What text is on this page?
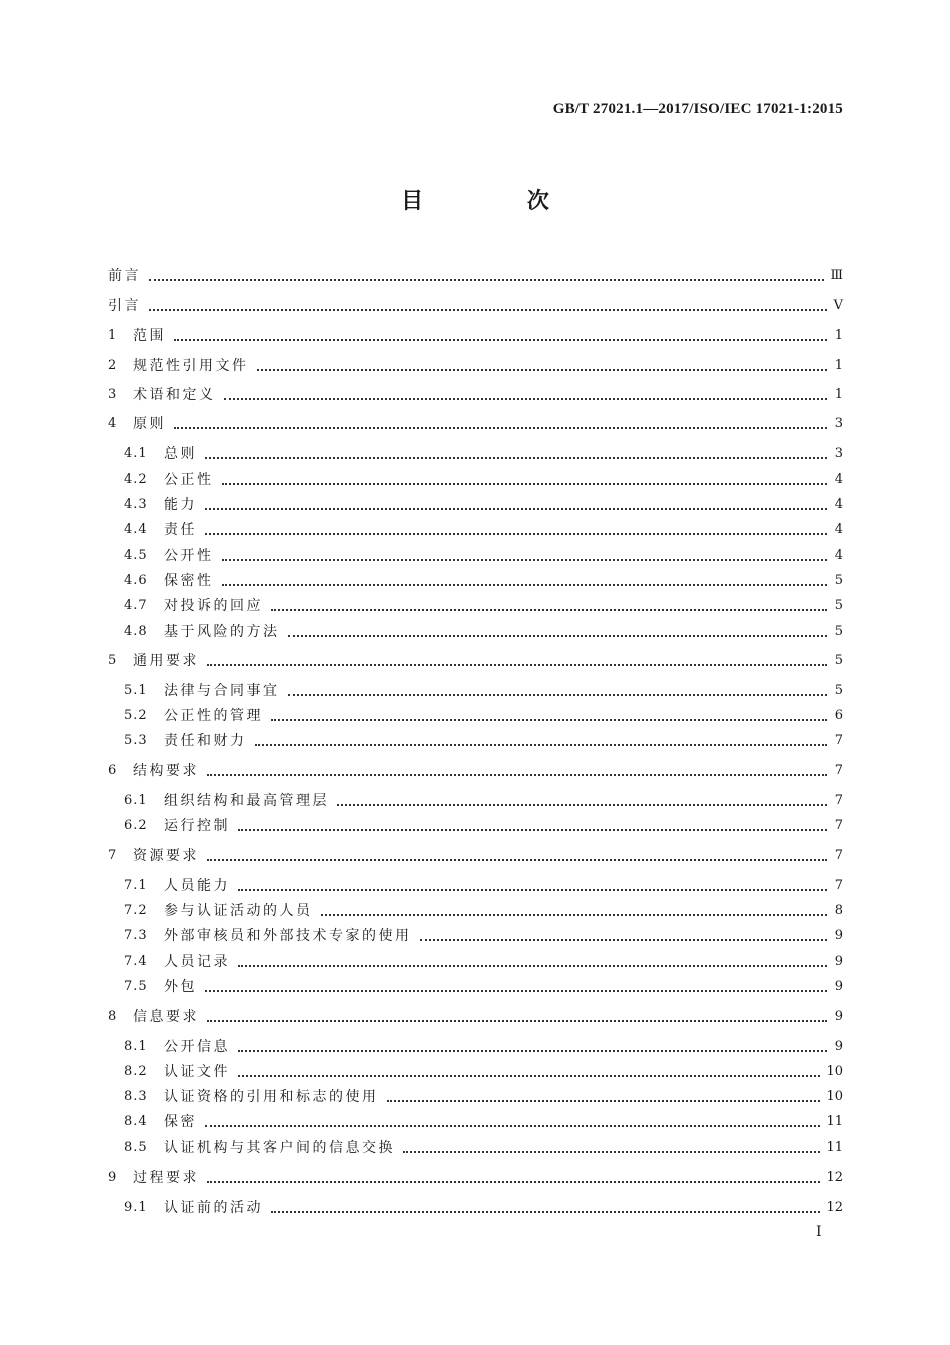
GB/T 27021.1—2017/ISO/IEC 17021-1:2015
目 次
前言	Ⅲ
引言	Ⅴ
1	范围	1
2	规范性引用文件	1
3	术语和定义	1
4	原则	3
4.1	总则	3
4.2	公正性	4
4.3	能力	4
4.4	责任	4
4.5	公开性	4
4.6	保密性	5
4.7	对投诉的回应	5
4.8	基于风险的方法	5
5	通用要求	5
5.1	法律与合同事宜	5
5.2	公正性的管理	6
5.3	责任和财力	7
6	结构要求	7
6.1	组织结构和最高管理层	7
6.2	运行控制	7
7	资源要求	7
7.1	人员能力	7
7.2	参与认证活动的人员	8
7.3	外部审核员和外部技术专家的使用	9
7.4	人员记录	9
7.5	外包	9
8	信息要求	9
8.1	公开信息	9
8.2	认证文件	10
8.3	认证资格的引用和标志的使用	10
8.4	保密	11
8.5	认证机构与其客户间的信息交换	11
9	过程要求	12
9.1	认证前的活动	12
Ⅰ
